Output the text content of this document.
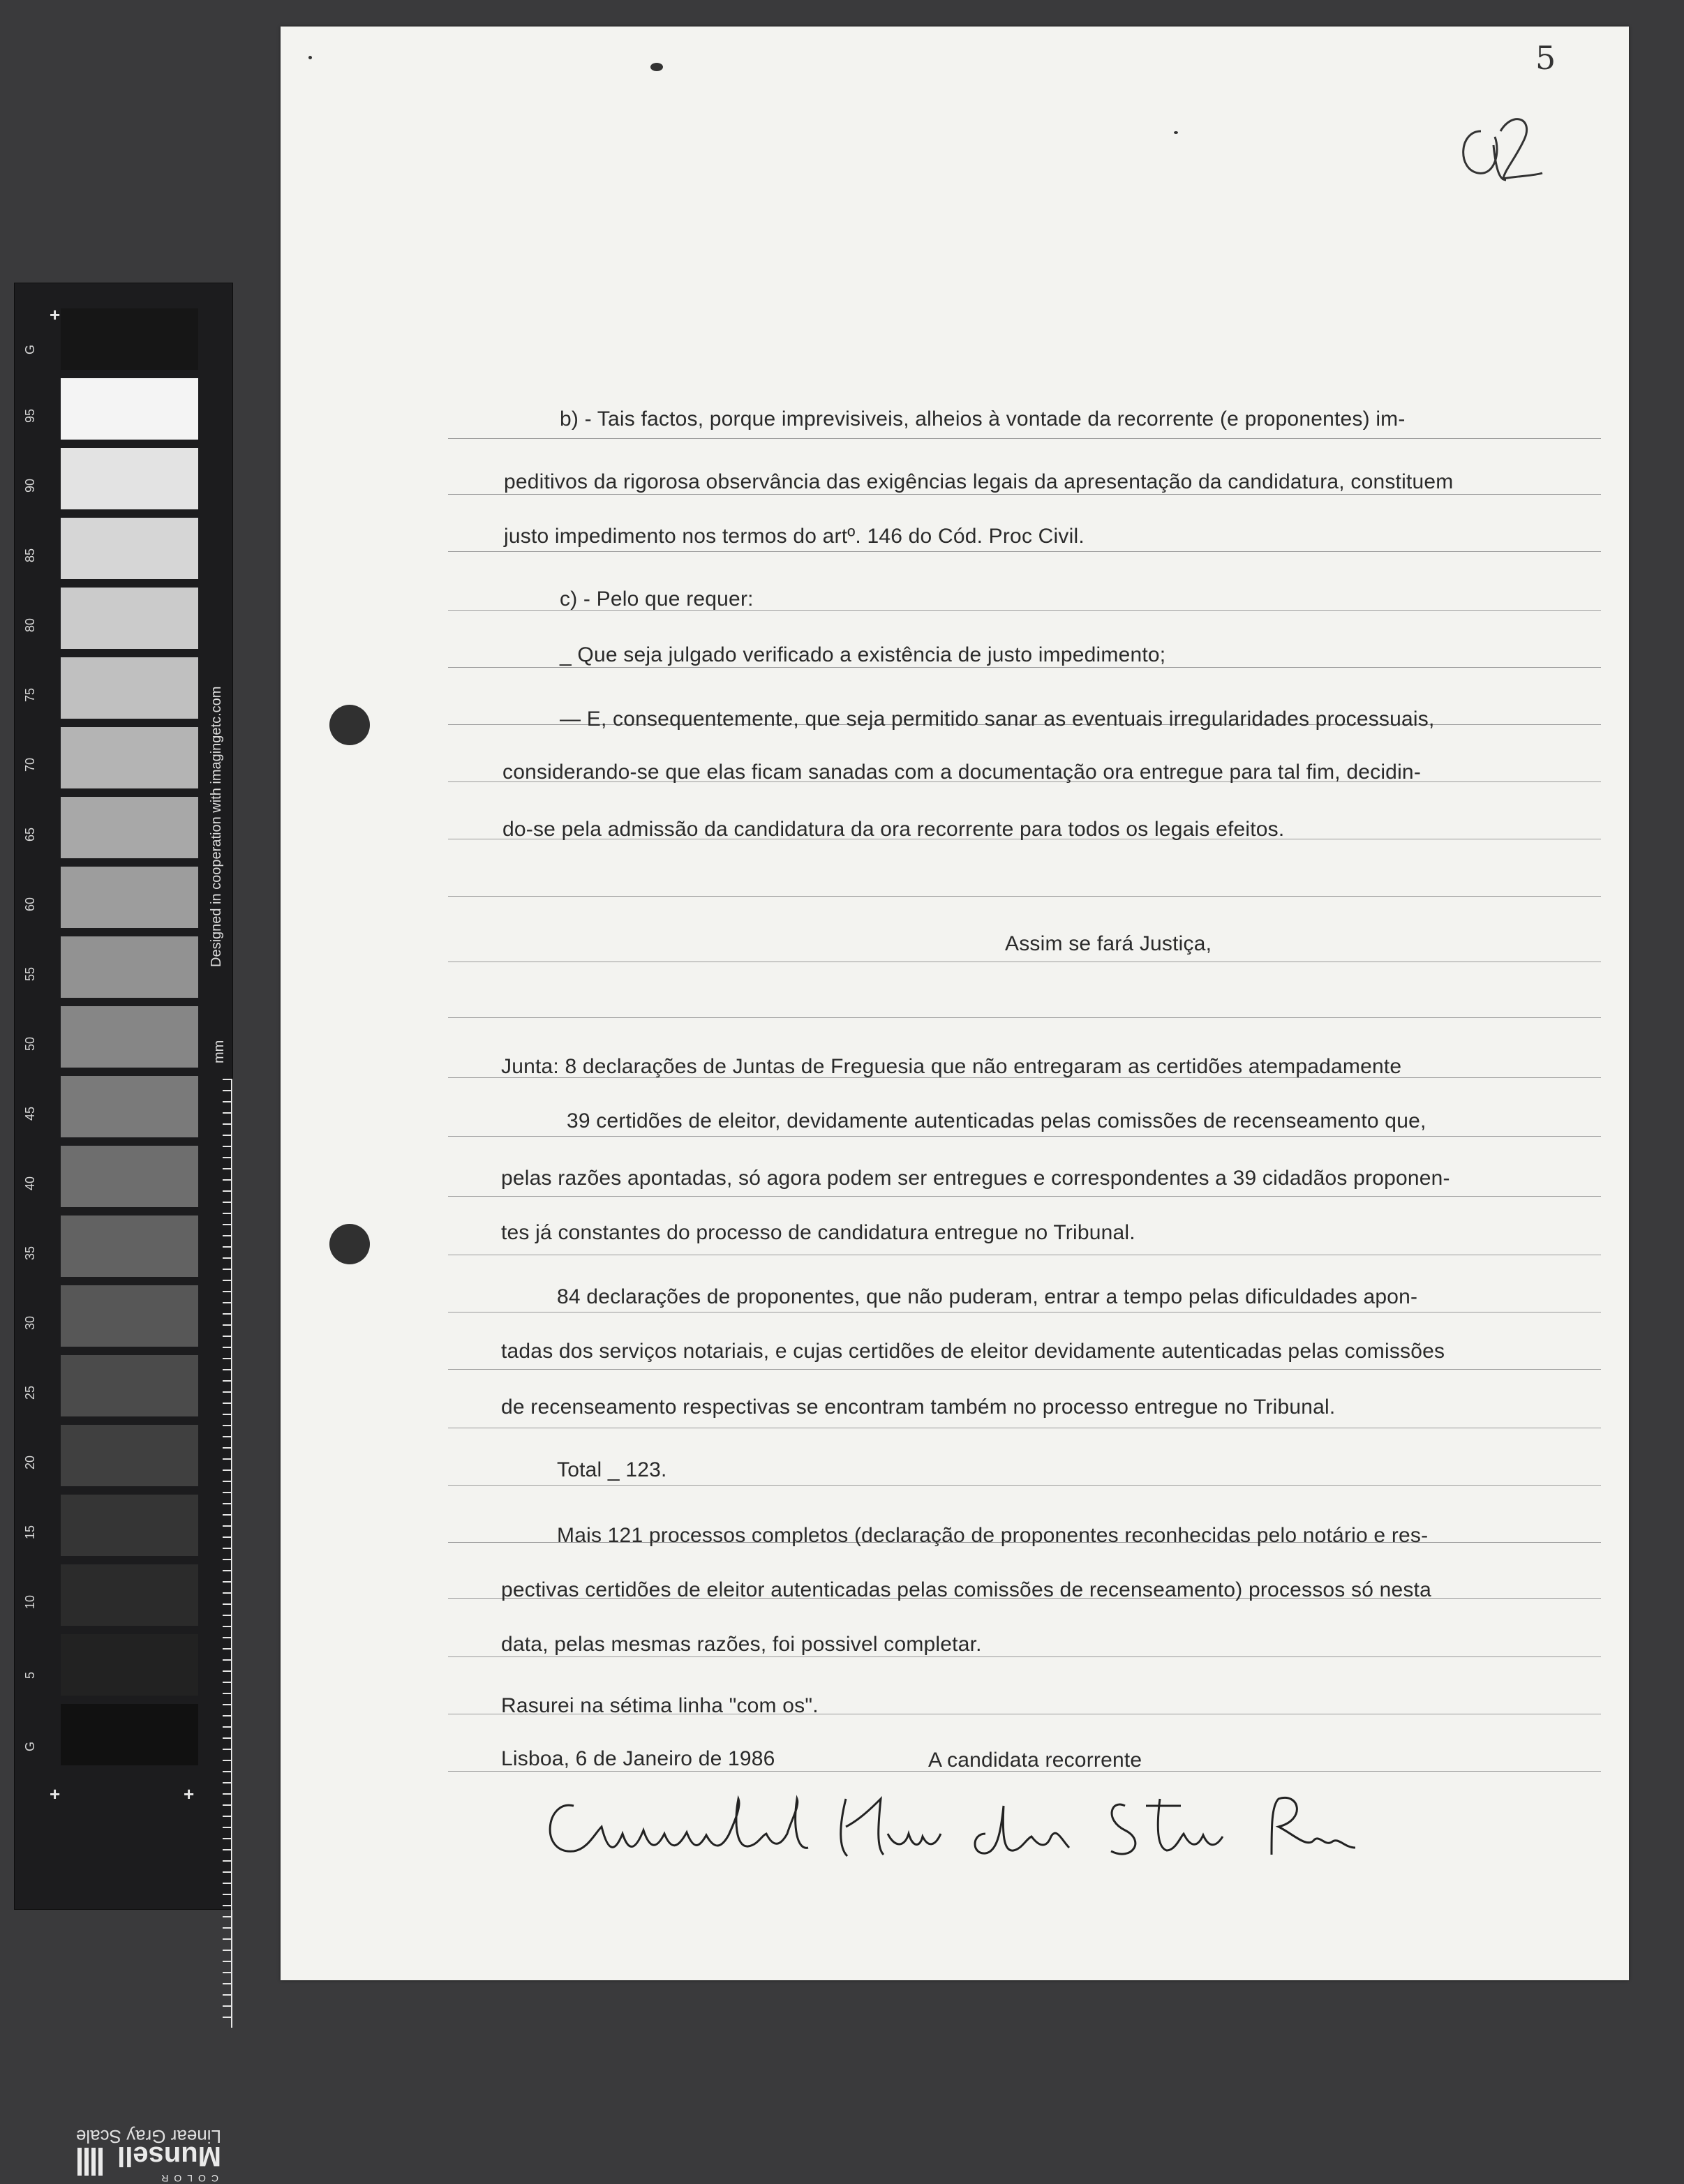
+
+	+
G
95
90
85
80
75
70
65
60
55
50
45
40
35
30
25
20
15
10
5
G
Designed in cooperation with imagingetc.com
mm
Linear Gray Scale
COLOR
Munsell
5
b) - Tais factos, porque imprevisiveis, alheios à vontade da recorrente (e proponentes) im-
peditivos da rigorosa observância das exigências legais da apresentação da candidatura, constituem
justo impedimento nos termos do artº. 146 do Cód. Proc Civil.
c) - Pelo que requer:
_ Que seja julgado verificado a existência de justo impedimento;
— E, consequentemente, que seja permitido sanar as eventuais irregularidades processuais,
considerando-se que elas ficam sanadas com a documentação ora entregue para tal fim, decidin-
do-se pela admissão da candidatura da ora recorrente para todos os legais efeitos.
Assim se fará Justiça,
Junta: 8 declarações de Juntas de Freguesia que não entregaram as certidões atempadamente
39 certidões de eleitor, devidamente autenticadas pelas comissões de recenseamento que,
pelas razões apontadas, só agora podem ser entregues e correspondentes a 39 cidadãos proponen-
tes já constantes do processo de candidatura entregue no Tribunal.
84 declarações de proponentes, que não puderam, entrar a tempo pelas dificuldades apon-
tadas dos serviços notariais, e cujas certidões de eleitor devidamente autenticadas pelas comissões
de recenseamento respectivas se encontram também no processo entregue no Tribunal.
Total _ 123.
Mais 121 processos completos (declaração de proponentes reconhecidas pelo notário e res-
pectivas certidões de eleitor autenticadas pelas comissões de recenseamento) processos só nesta
data, pelas mesmas razões, foi possivel completar.
Rasurei na sétima linha "com os".
Lisboa, 6 de Janeiro de 1986	A candidata recorrente
